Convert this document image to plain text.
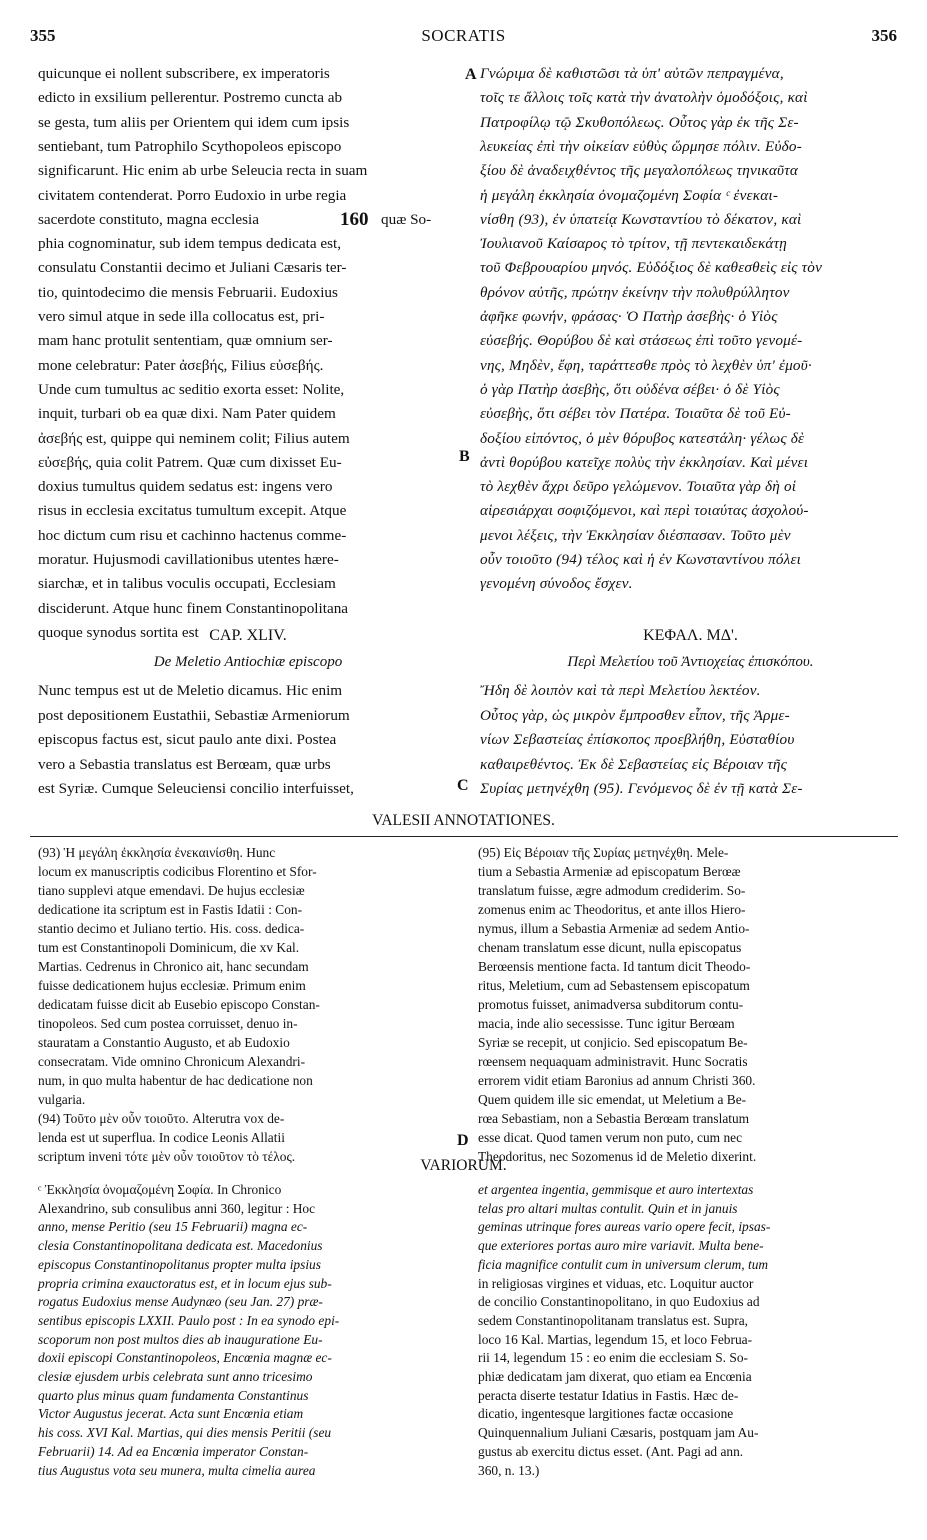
355	SOCRATIS	356
A
B
C
D
CAP. XLIV.
De Meletio Antiochiæ episcopo
ΚΕΦΑΛ. ΜΔ'.
Περὶ Μελετίου τοῦ Ἀντιοχείας ἐπισκόπου.
VALESII ANNOTATIONES.
VARIORUM.
quicunque ei nollent subscribere, ex imperatoris
edicto in exsilium pellerentur. Postremo cuncta ab
se gesta, tum aliis per Orientem qui idem cum ipsis
sentiebant, tum Patrophilo Scythopoleos episcopo
significarunt. Hic enim ab urbe Seleucia recta in suam
civitatem contenderat. Porro Eudoxio in urbe regia
sacerdote constituto, magna ecclesia	160 quæ So-
phia cognominatur, sub idem tempus dedicata est,
consulatu Constantii decimo et Juliani Cæsaris ter-
tio, quintodecimo die mensis Februarii. Eudoxius
vero simul atque in sede illa collocatus est, pri-
mam hanc protulit sententiam, quæ omnium ser-
mone celebratur: Pater ἀσεβής, Filius εὐσεβής.
Unde cum tumultus ac seditio exorta esset: Nolite,
inquit, turbari ob ea quæ dixi. Nam Pater quidem
ἀσεβής est, quippe qui neminem colit; Filius autem
εὐσεβής, quia colit Patrem. Quæ cum dixisset Eu-
doxius tumultus quidem sedatus est: ingens vero
risus in ecclesia excitatus tumultum excepit. Atque
hoc dictum cum risu et cachinno hactenus comme-
moratur. Hujusmodi cavillationibus utentes hære-
siarchæ, et in talibus voculis occupati, Ecclesiam
disciderunt. Atque hunc finem Constantinopolitana
quoque synodus sortita est
Γνώριμα δὲ καθιστῶσι τὰ ὑπ' αὐτῶν πεπραγμένα,
τοῖς τε ἄλλοις τοῖς κατὰ τὴν ἀνατολὴν ὁμοδόξοις, καὶ
Πατροφίλῳ τῷ Σκυθοπόλεως. Οὗτος γὰρ ἐκ τῆς Σε-
λευκείας ἐπὶ τὴν οἰκείαν εὐθὺς ὥρμησε πόλιν. Εὐδο-
ξίου δὲ ἀναδειχθέντος τῆς μεγαλοπόλεως τηνικαῦτα
ἡ μεγάλη ἐκκλησία ὀνομαζομένη Σοφία ᶜ ἐνεκαι-
νίσθη (93), ἐν ὑπατείᾳ Κωνσταντίου τὸ δέκατον, καὶ
Ἰουλιανοῦ Καίσαρος τὸ τρίτον, τῇ πεντεκαιδεκάτῃ
τοῦ Φεβρουαρίου μηνός. Εὐδόξιος δὲ καθεσθεὶς εἰς τὸν
θρόνον αὐτῆς, πρώτην ἐκείνην τὴν πολυθρύλλητον
ἀφῆκε φωνήν, φράσας· Ὁ Πατὴρ ἀσεβὴς· ὁ Υἱὸς
εὐσεβής. Θορύβου δὲ καὶ στάσεως ἐπὶ τοῦτο γενομέ-
νης, Μηδὲν, ἔφη, ταράττεσθε πρὸς τὸ λεχθὲν ὑπ' ἐμοῦ·
ὁ γὰρ Πατὴρ ἀσεβὴς, ὅτι οὐδένα σέβει· ὁ δὲ Υἱὸς
εὐσεβὴς, ὅτι σέβει τὸν Πατέρα. Τοιαῦτα δὲ τοῦ Εὐ-
δοξίου εἰπόντος, ὁ μὲν θόρυβος κατεστάλη· γέλως δὲ
ἀντὶ θορύβου κατεῖχε πολὺς τὴν ἐκκλησίαν. Καὶ μένει
τὸ λεχθὲν ἄχρι δεῦρο γελώμενον. Τοιαῦτα γὰρ δὴ οἱ
αἱρεσιάρχαι σοφιζόμενοι, καὶ περὶ τοιαύτας ἀσχολού-
μενοι λέξεις, τὴν Ἐκκλησίαν διέσπασαν. Τοῦτο μὲν
οὖν τοιοῦτο (94) τέλος καὶ ἡ ἐν Κωνσταντίνου πόλει
γενομένη σύνοδος ἔσχεν.
Nunc tempus est ut de Meletio dicamus. Hic enim
post depositionem Eustathii, Sebastiæ Armeniorum
episcopus factus est, sicut paulo ante dixi. Postea
vero a Sebastia translatus est Berœam, quæ urbs
est Syriæ. Cumque Seleuciensi concilio interfuisset,
Ἤδη δὲ λοιπὸν καὶ τὰ περὶ Μελετίου λεκτέον.
Οὗτος γὰρ, ὡς μικρὸν ἔμπροσθεν εἶπον, τῆς Ἀρμε-
νίων Σεβαστείας ἐπίσκοπος προεβλήθη, Εὐσταθίου
καθαιρεθέντος. Ἐκ δὲ Σεβαστείας εἰς Βέροιαν τῆς
Συρίας μετηνέχθη (95). Γενόμενος δὲ ἐν τῇ κατὰ Σε-
(93) Ἡ μεγάλη ἐκκλησία ἐνεκαινίσθη. Hunc
locum ex manuscriptis codicibus Florentino et Sfor-
tiano supplevi atque emendavi. De hujus ecclesiæ
dedicatione ita scriptum est in Fastis Idatii : Con-
stantio decimo et Juliano tertio. His. coss. dedica-
tum est Constantinopoli Dominicum, die xv Kal.
Martias. Cedrenus in Chronico ait, hanc secundam
fuisse dedicationem hujus ecclesiæ. Primum enim
dedicatam fuisse dicit ab Eusebio episcopo Constan-
tinopoleos. Sed cum postea corruisset, denuo in-
stauratam a Constantio Augusto, et ab Eudoxio
consecratam. Vide omnino Chronicum Alexandri-
num, in quo multa habentur de hac dedicatione non
vulgaria.
(94) Τοῦτο μὲν οὖν τοιοῦτο. Alterutra vox de-
lenda est ut superflua. In codice Leonis Allatii
scriptum inveni τότε μὲν οὖν τοιοῦτον τὸ τέλος.
(95) Εἰς Βέροιαν τῆς Συρίας μετηνέχθη. Mele-
tium a Sebastia Armeniæ ad episcopatum Berœæ
translatum fuisse, ægre admodum crediderim. So-
zomenus enim ac Theodoritus, et ante illos Hiero-
nymus, illum a Sebastia Armeniæ ad sedem Antio-
chenam translatum esse dicunt, nulla episcopatus
Berœensis mentione facta. Id tantum dicit Theodo-
ritus, Meletium, cum ad Sebastensem episcopatum
promotus fuisset, animadversa subditorum contu-
macia, inde alio secessisse. Tunc igitur Berœam
Syriæ se recepit, ut conjicio. Sed episcopatum Be-
rœensem nequaquam administravit. Hunc Socratis
errorem vidit etiam Baronius ad annum Christi 360.
Quem quidem ille sic emendat, ut Meletium a Be-
rœa Sebastiam, non a Sebastia Berœam translatum
esse dicat. Quod tamen verum non puto, cum nec
Theodoritus, nec Sozomenus id de Meletio dixerint.
ᶜ Ἐκκλησία ὀνομαζομένη Σοφία. In Chronico
Alexandrino, sub consulibus anni 360, legitur : Hoc
anno, mense Peritio (seu 15 Februarii) magna ec-
clesia Constantinopolitana dedicata est. Macedonius
episcopus Constantinopolitanus propter multa ipsius
propria crimina exauctoratus est, et in locum ejus sub-
rogatus Eudoxius mense Audynæo (seu Jan. 27) præ-
sentibus episcopis LXXII. Paulo post : In ea synodo epi-
scoporum non post multos dies ab inauguratione Eu-
doxii episcopi Constantinopoleos, Encœnia magnæ ec-
clesiæ ejusdem urbis celebrata sunt anno tricesimo
quarto plus minus quam fundamenta Constantinus
Victor Augustus jecerat. Acta sunt Encœnia etiam
his coss. XVI Kal. Martias, qui dies mensis Peritii (seu
Februarii) 14. Ad ea Encœnia imperator Constan-
tius Augustus vota seu munera, multa cimelia aurea
et argentea ingentia, gemmisque et auro intertextas
telas pro altari multas contulit. Quin et in januis
geminas utrinque fores aureas vario opere fecit, ipsas-
que exteriores portas auro mire variavit. Multa bene-
ficia magnifice contulit cum in universum clerum, tum
in religiosas virgines et viduas, etc. Loquitur auctor
de concilio Constantinopolitano, in quo Eudoxius ad
sedem Constantinopolitanam translatus est. Supra,
loco 16 Kal. Martias, legendum 15, et loco Februa-
rii 14, legendum 15 : eo enim die ecclesiam S. So-
phiæ dedicatam jam dixerat, quo etiam ea Encœnia
peracta diserte testatur Idatius in Fastis. Hæc de-
dicatio, ingentesque largitiones factæ occasione
Quinquennalium Juliani Cæsaris, postquam jam Au-
gustus ab exercitu dictus esset. (Ant. Pagi ad ann.
360, n. 13.)
